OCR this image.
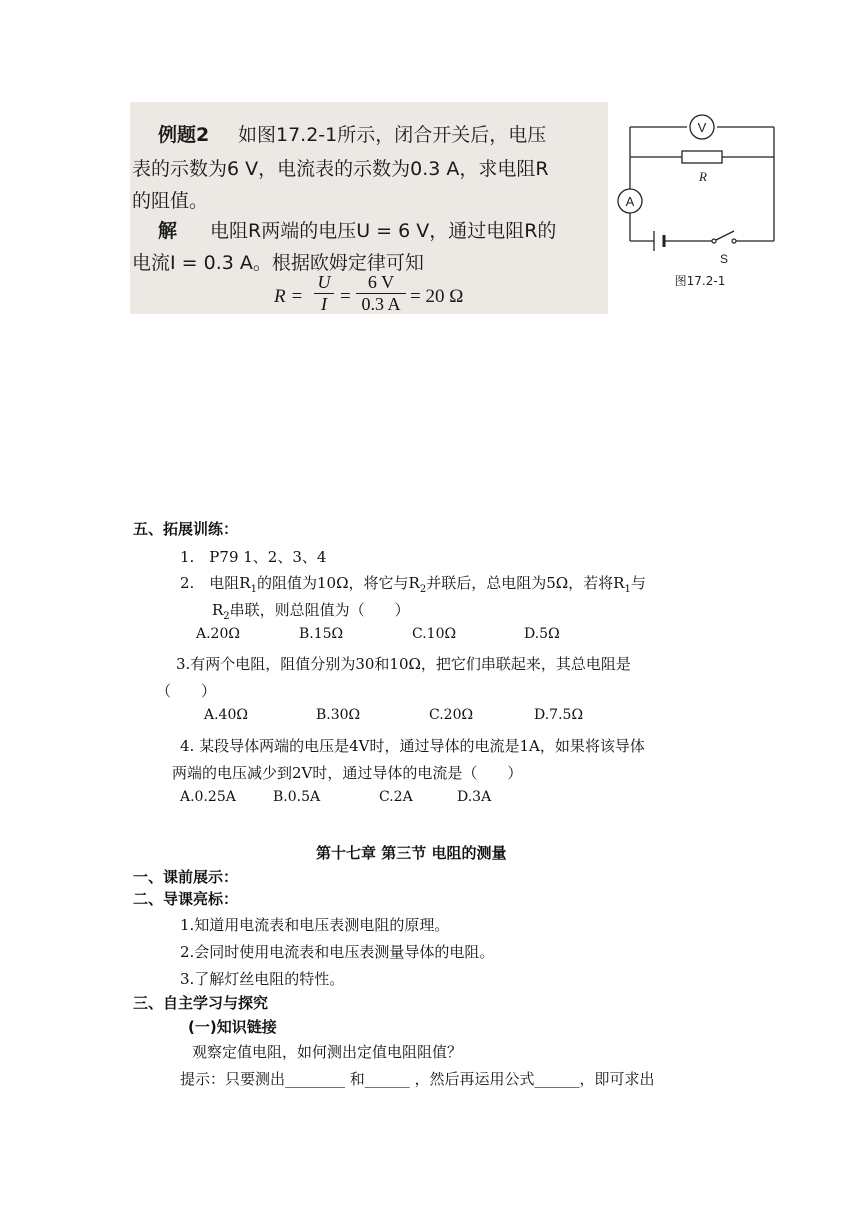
例题2 如图17.2-1所示，闭合开关后，电压
表的示数为6 V，电流表的示数为0.3 A，求电阻R
的阻值。
解 电阻R两端的电压U = 6 V，通过电阻R的
电流I = 0.3 A。根据欧姆定律可知
R =
U
I =
6 V
0.3 A = 20 Ω
V
R
A
S
图17.2-1
五、拓展训练：
1.　P79 1、2、3、4
2.　电阻$R_1$的阻值为10Ω，将它与$R_2$并联后，总电阻为5Ω，若将$R_1$与
$R_2$串联，则总阻值为（　　）
A.20Ω	B.15Ω	C.10Ω	D.5Ω
3.有两个电阻，阻值分别为30和10Ω，把它们串联起来，其总电阻是
（　　）
A.40Ω	B.30Ω	C.20Ω	D.7.5Ω
4. 某段导体两端的电压是4V时，通过导体的电流是1A，如果将该导体
两端的电压减少到2V时，通过导体的电流是（　　）
A.0.25A	B.0.5A	C.2A	D.3A
第十七章 第三节 电阻的测量
一、课前展示：
二、导课亮标：
1.知道用电流表和电压表测电阻的原理。
2.会同时使用电流表和电压表测量导体的电阻。
3.了解灯丝电阻的特性。
三、自主学习与探究
(一)知识链接
观察定值电阻，如何测出定值电阻阻值？
提示：只要测出________ 和______ ，然后再运用公式______，即可求出
